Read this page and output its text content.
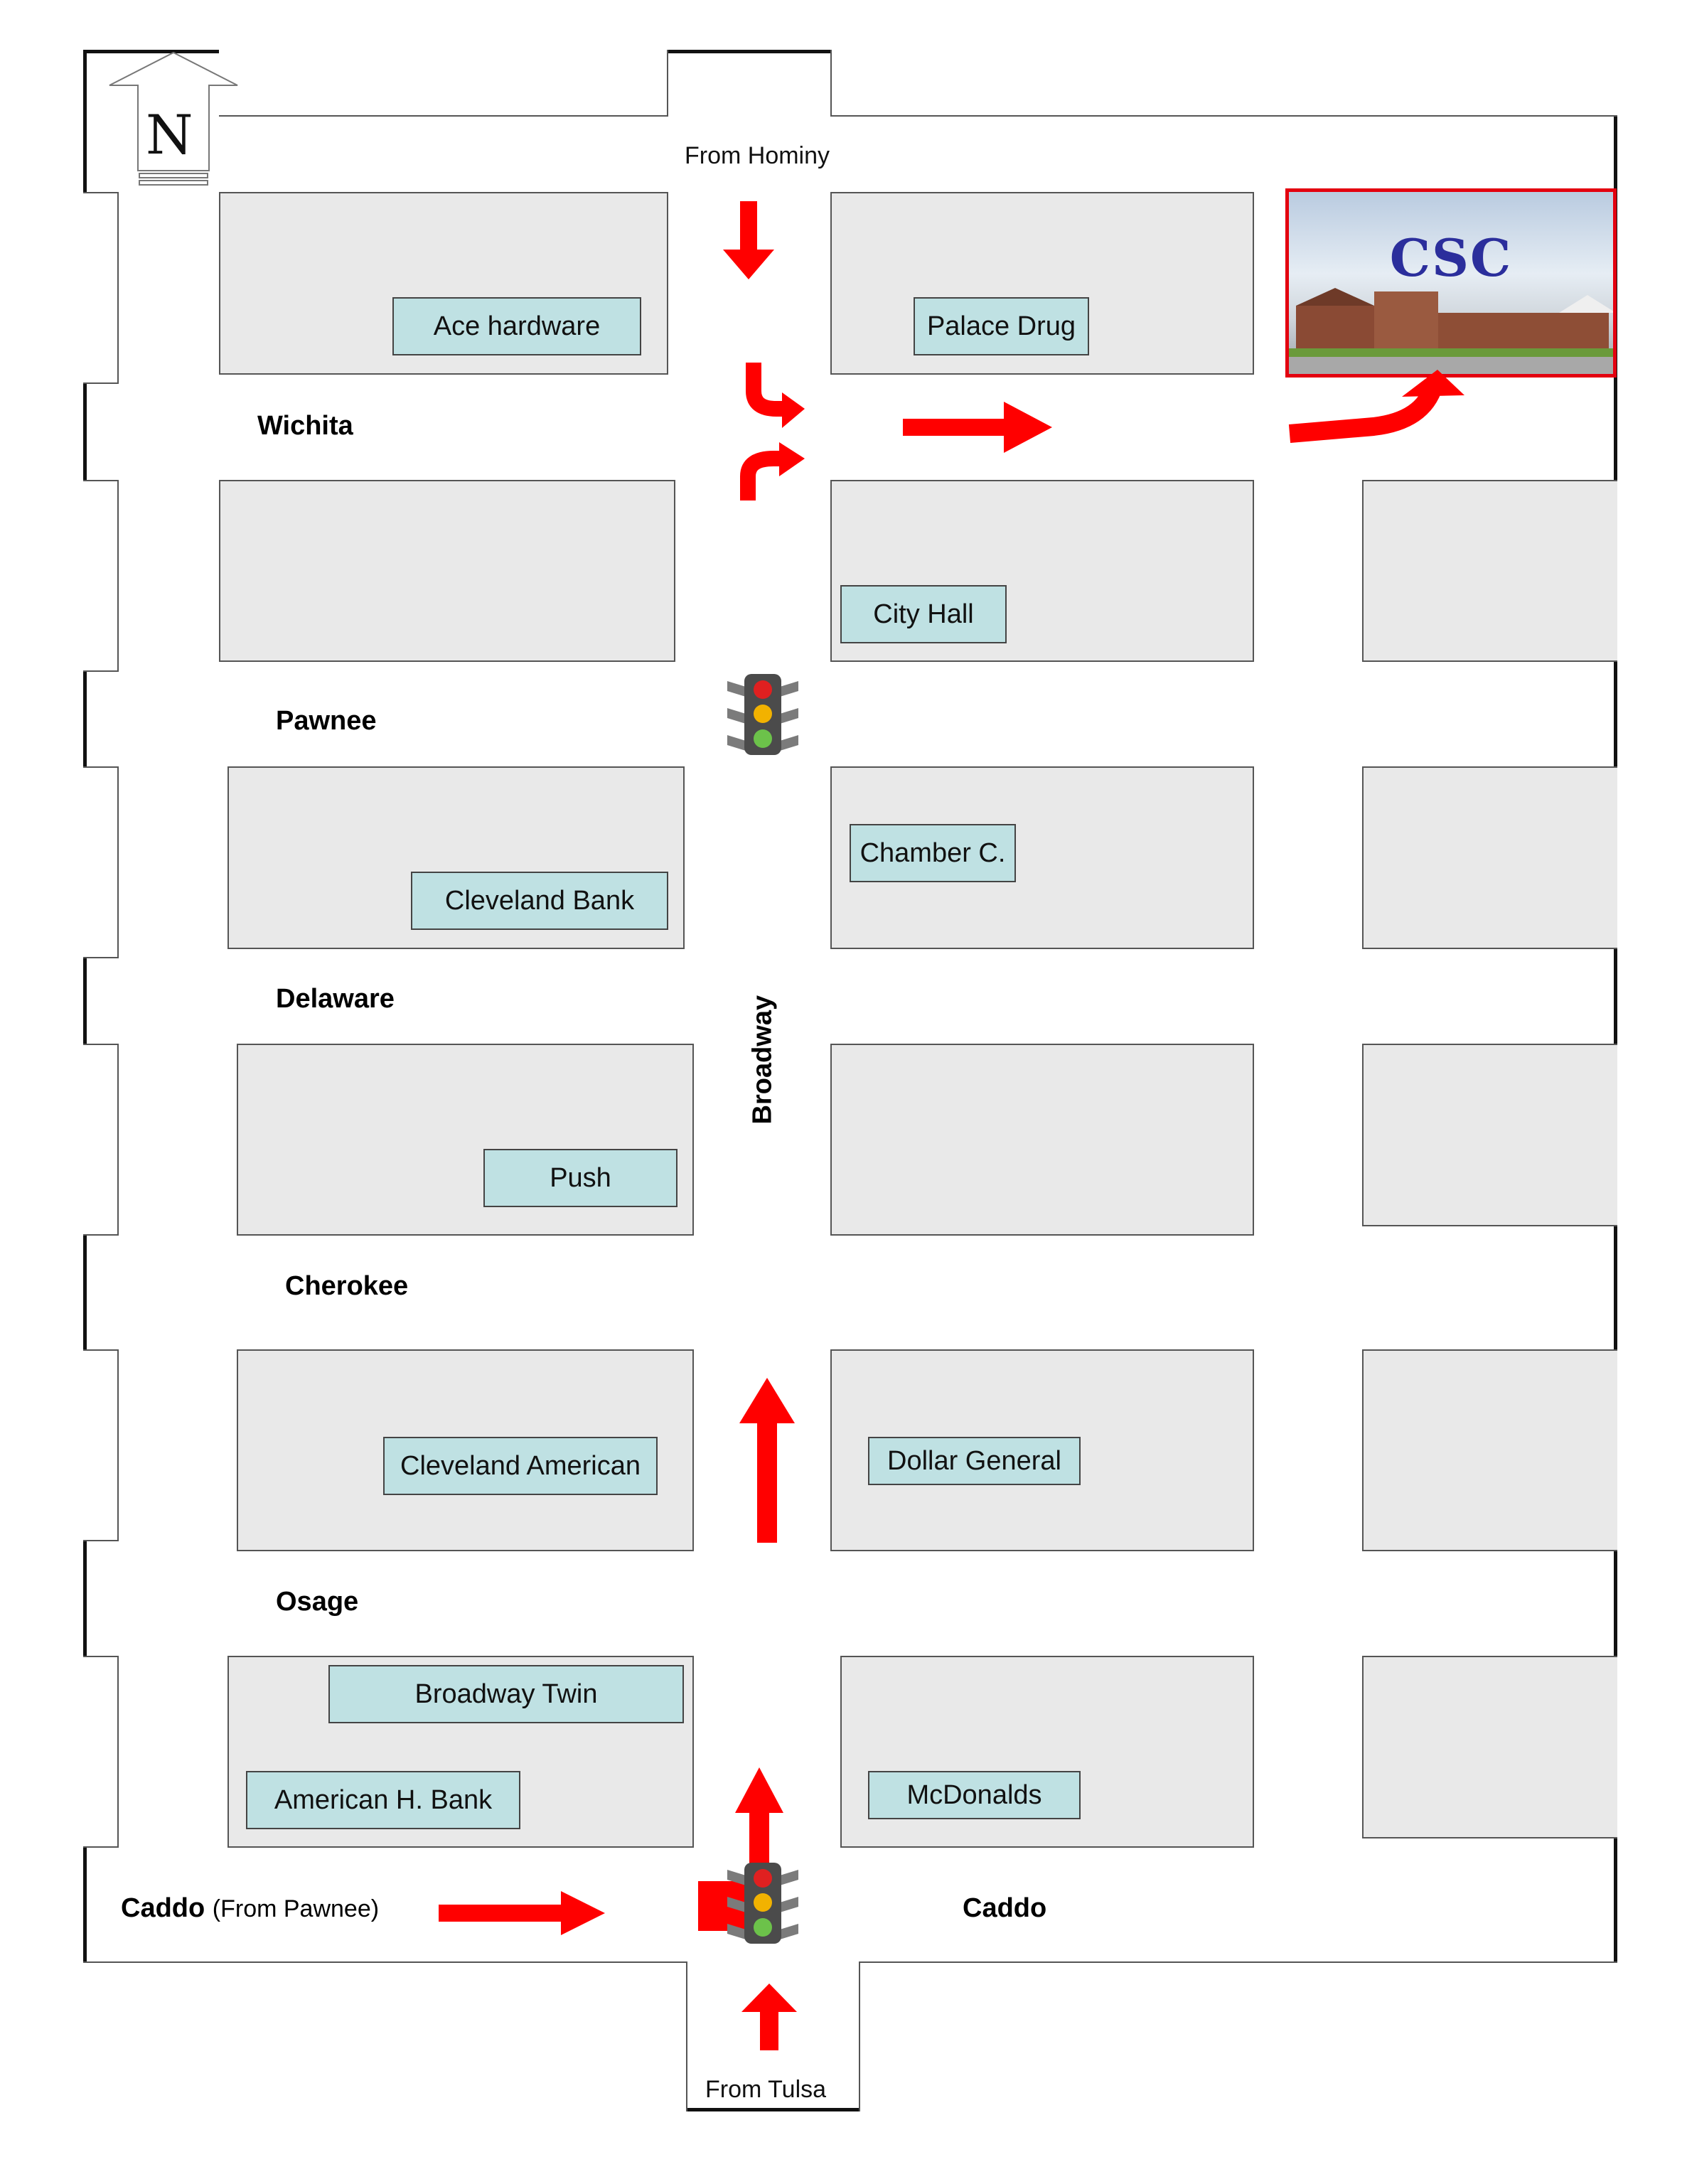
N	From Hominy
Ace hardware	Palace Drug
CSC
Wichita
City Hall
Pawnee
Cleveland Bank
Chamber C.
Delaware	Broadway
Push
Cherokee
Cleveland American	Dollar General
Osage
Broadway Twin
American H. Bank	McDonalds
Caddo (From Pawnee)	Caddo
From Tulsa
